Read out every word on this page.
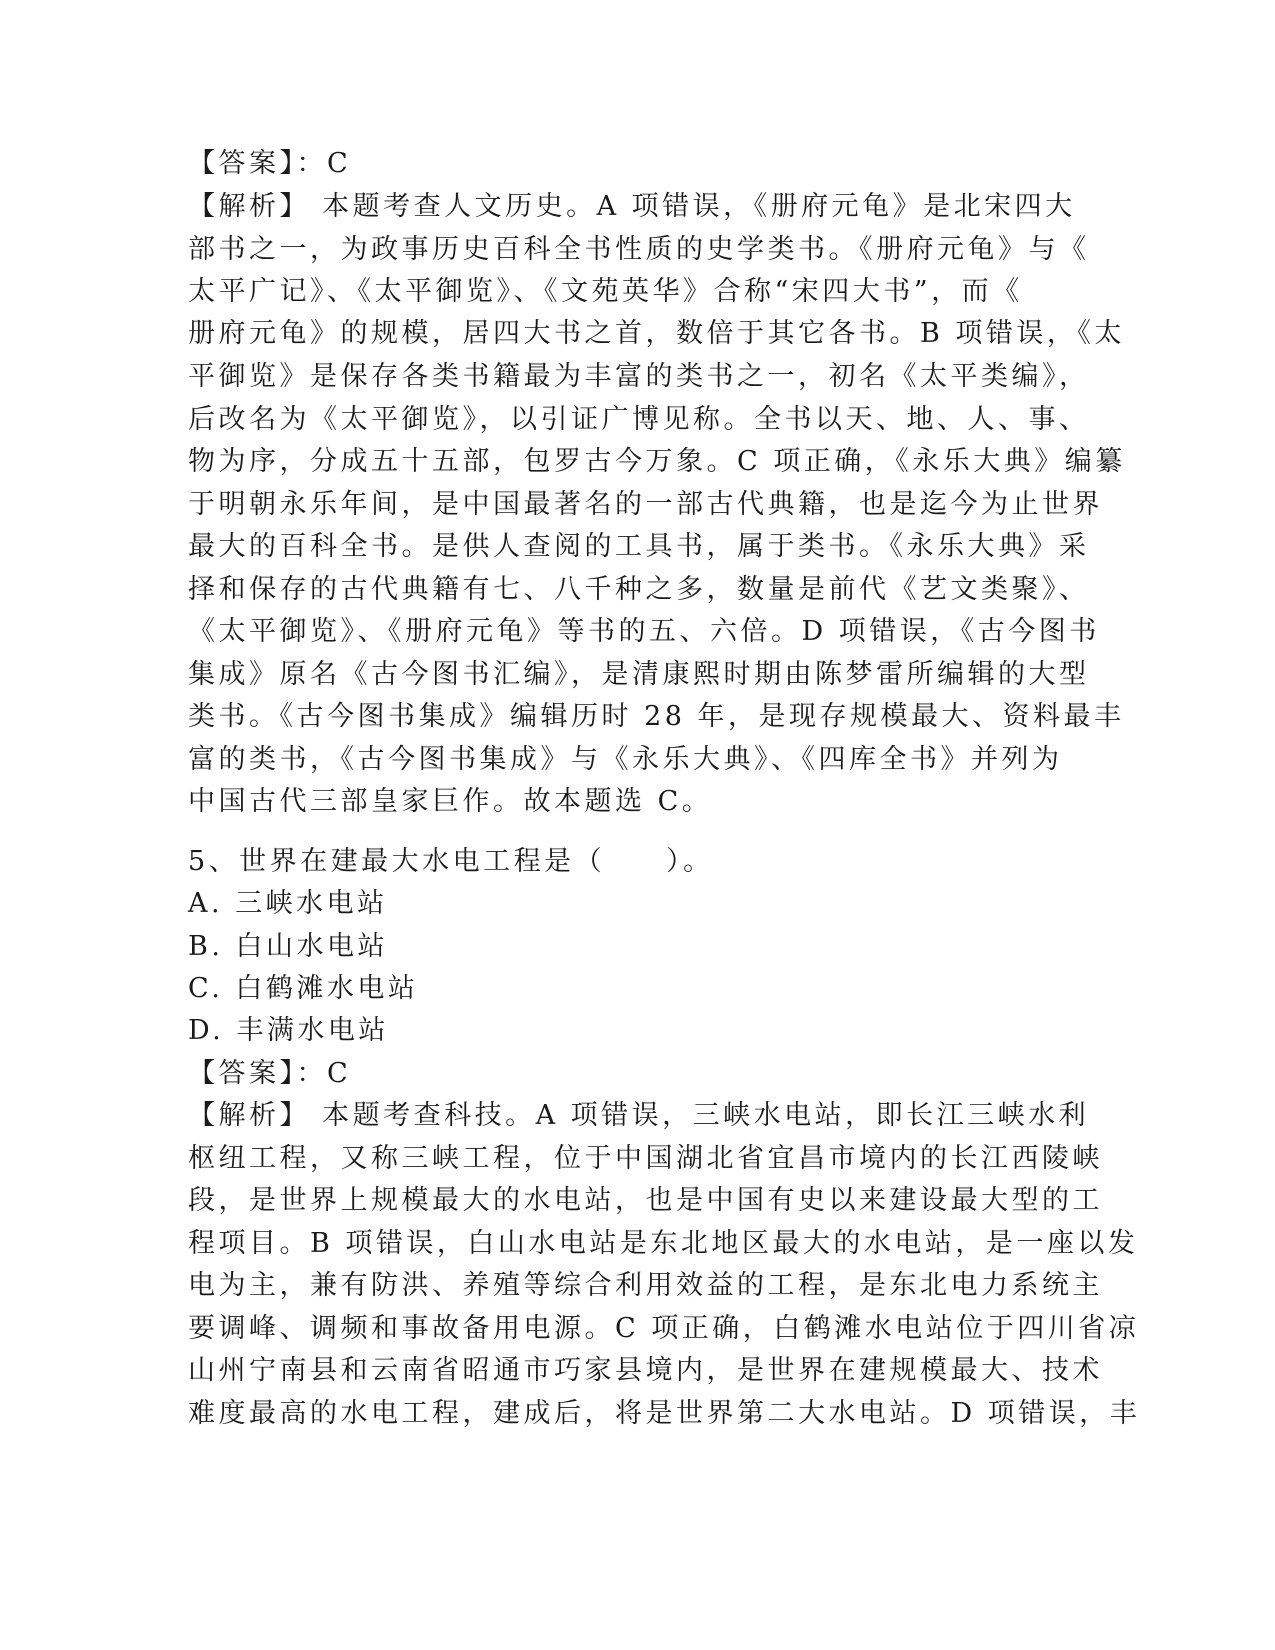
【答案】：C
【解析】 本题考查人文历史。A 项错误，《册府元龟》是北宋四大
部书之一，为政事历史百科全书性质的史学类书。《册府元龟》与《
太平广记》、《太平御览》、《文苑英华》合称“宋四大书”，而《
册府元龟》的规模，居四大书之首，数倍于其它各书。B 项错误，《太
平御览》是保存各类书籍最为丰富的类书之一，初名《太平类编》，
后改名为《太平御览》，以引证广博见称。全书以天、地、人、事、
物为序，分成五十五部，包罗古今万象。C 项正确，《永乐大典》编纂
于明朝永乐年间，是中国最著名的一部古代典籍，也是迄今为止世界
最大的百科全书。是供人查阅的工具书，属于类书。《永乐大典》采
择和保存的古代典籍有七、八千种之多，数量是前代《艺文类聚》、
《太平御览》、《册府元龟》等书的五、六倍。D 项错误，《古今图书
集成》原名《古今图书汇编》，是清康熙时期由陈梦雷所编辑的大型
类书。《古今图书集成》编辑历时 28 年，是现存规模最大、资料最丰
富的类书，《古今图书集成》与《永乐大典》、《四库全书》并列为
中国古代三部皇家巨作。故本题选 C。
5、世界在建最大水电工程是（　　）。
A. 三峡水电站
B. 白山水电站
C. 白鹤滩水电站
D. 丰满水电站
【答案】：C
【解析】 本题考查科技。A 项错误，三峡水电站，即长江三峡水利
枢纽工程，又称三峡工程，位于中国湖北省宜昌市境内的长江西陵峡
段，是世界上规模最大的水电站，也是中国有史以来建设最大型的工
程项目。B 项错误，白山水电站是东北地区最大的水电站，是一座以发
电为主，兼有防洪、养殖等综合利用效益的工程，是东北电力系统主
要调峰、调频和事故备用电源。C 项正确，白鹤滩水电站位于四川省凉
山州宁南县和云南省昭通市巧家县境内，是世界在建规模最大、技术
难度最高的水电工程，建成后，将是世界第二大水电站。D 项错误，丰
